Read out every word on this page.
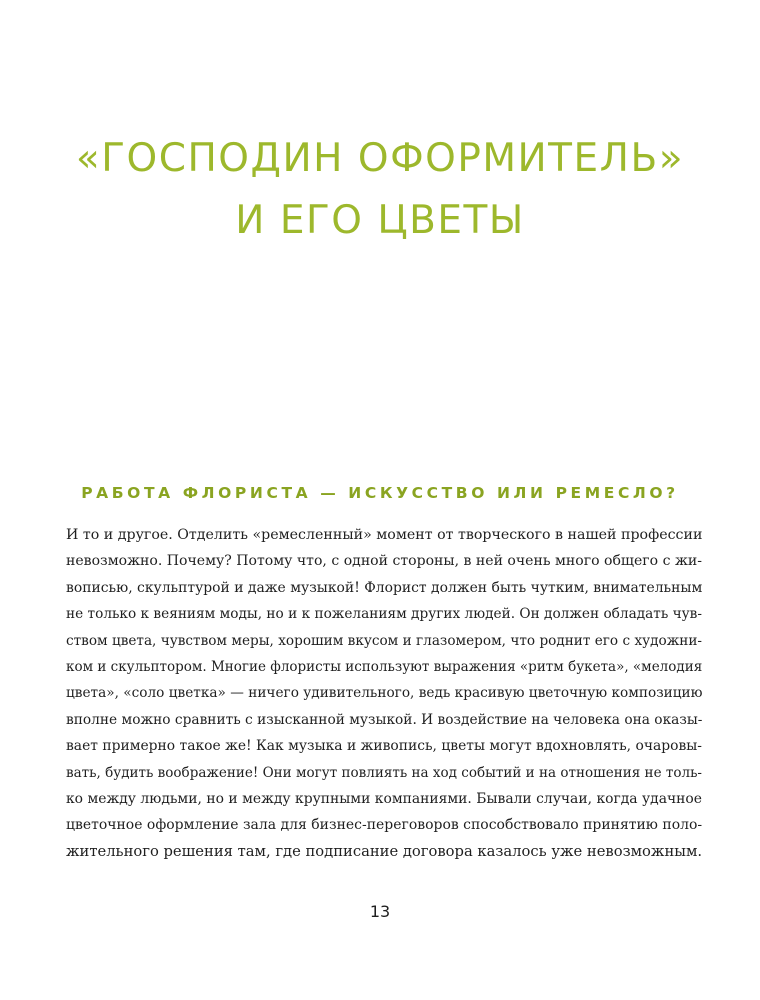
«ГОСПОДИН ОФОРМИТЕЛЬ»
И ЕГО ЦВЕТЫ
РАБОТА ФЛОРИСТА — ИСКУССТВО ИЛИ РЕМЕСЛО?

И то и другое. Отделить «ремесленный» момент от творческого в нашей профессии
невозможно. Почему? Потому что, с одной стороны, в ней очень много общего с жи-
вописью, скульптурой и даже музыкой! Флорист должен быть чутким, внимательным
не только к веяниям моды, но и к пожеланиям других людей. Он должен обладать чув-
ством цвета, чувством меры, хорошим вкусом и глазомером, что роднит его с художни-
ком и скульптором. Многие флористы используют выражения «ритм букета», «мелодия
цвета», «соло цветка» — ничего удивительного, ведь красивую цветочную композицию
вполне можно сравнить с изысканной музыкой. И воздействие на человека она оказы-
вает примерно такое же! Как музыка и живопись, цветы могут вдохновлять, очаровы-
вать, будить воображение! Они могут повлиять на ход событий и на отношения не толь-
ко между людьми, но и между крупными компаниями. Бывали случаи, когда удачное
цветочное оформление зала для бизнес-переговоров способствовало принятию поло-
жительного решения там, где подписание договора казалось уже невозможным.

13
